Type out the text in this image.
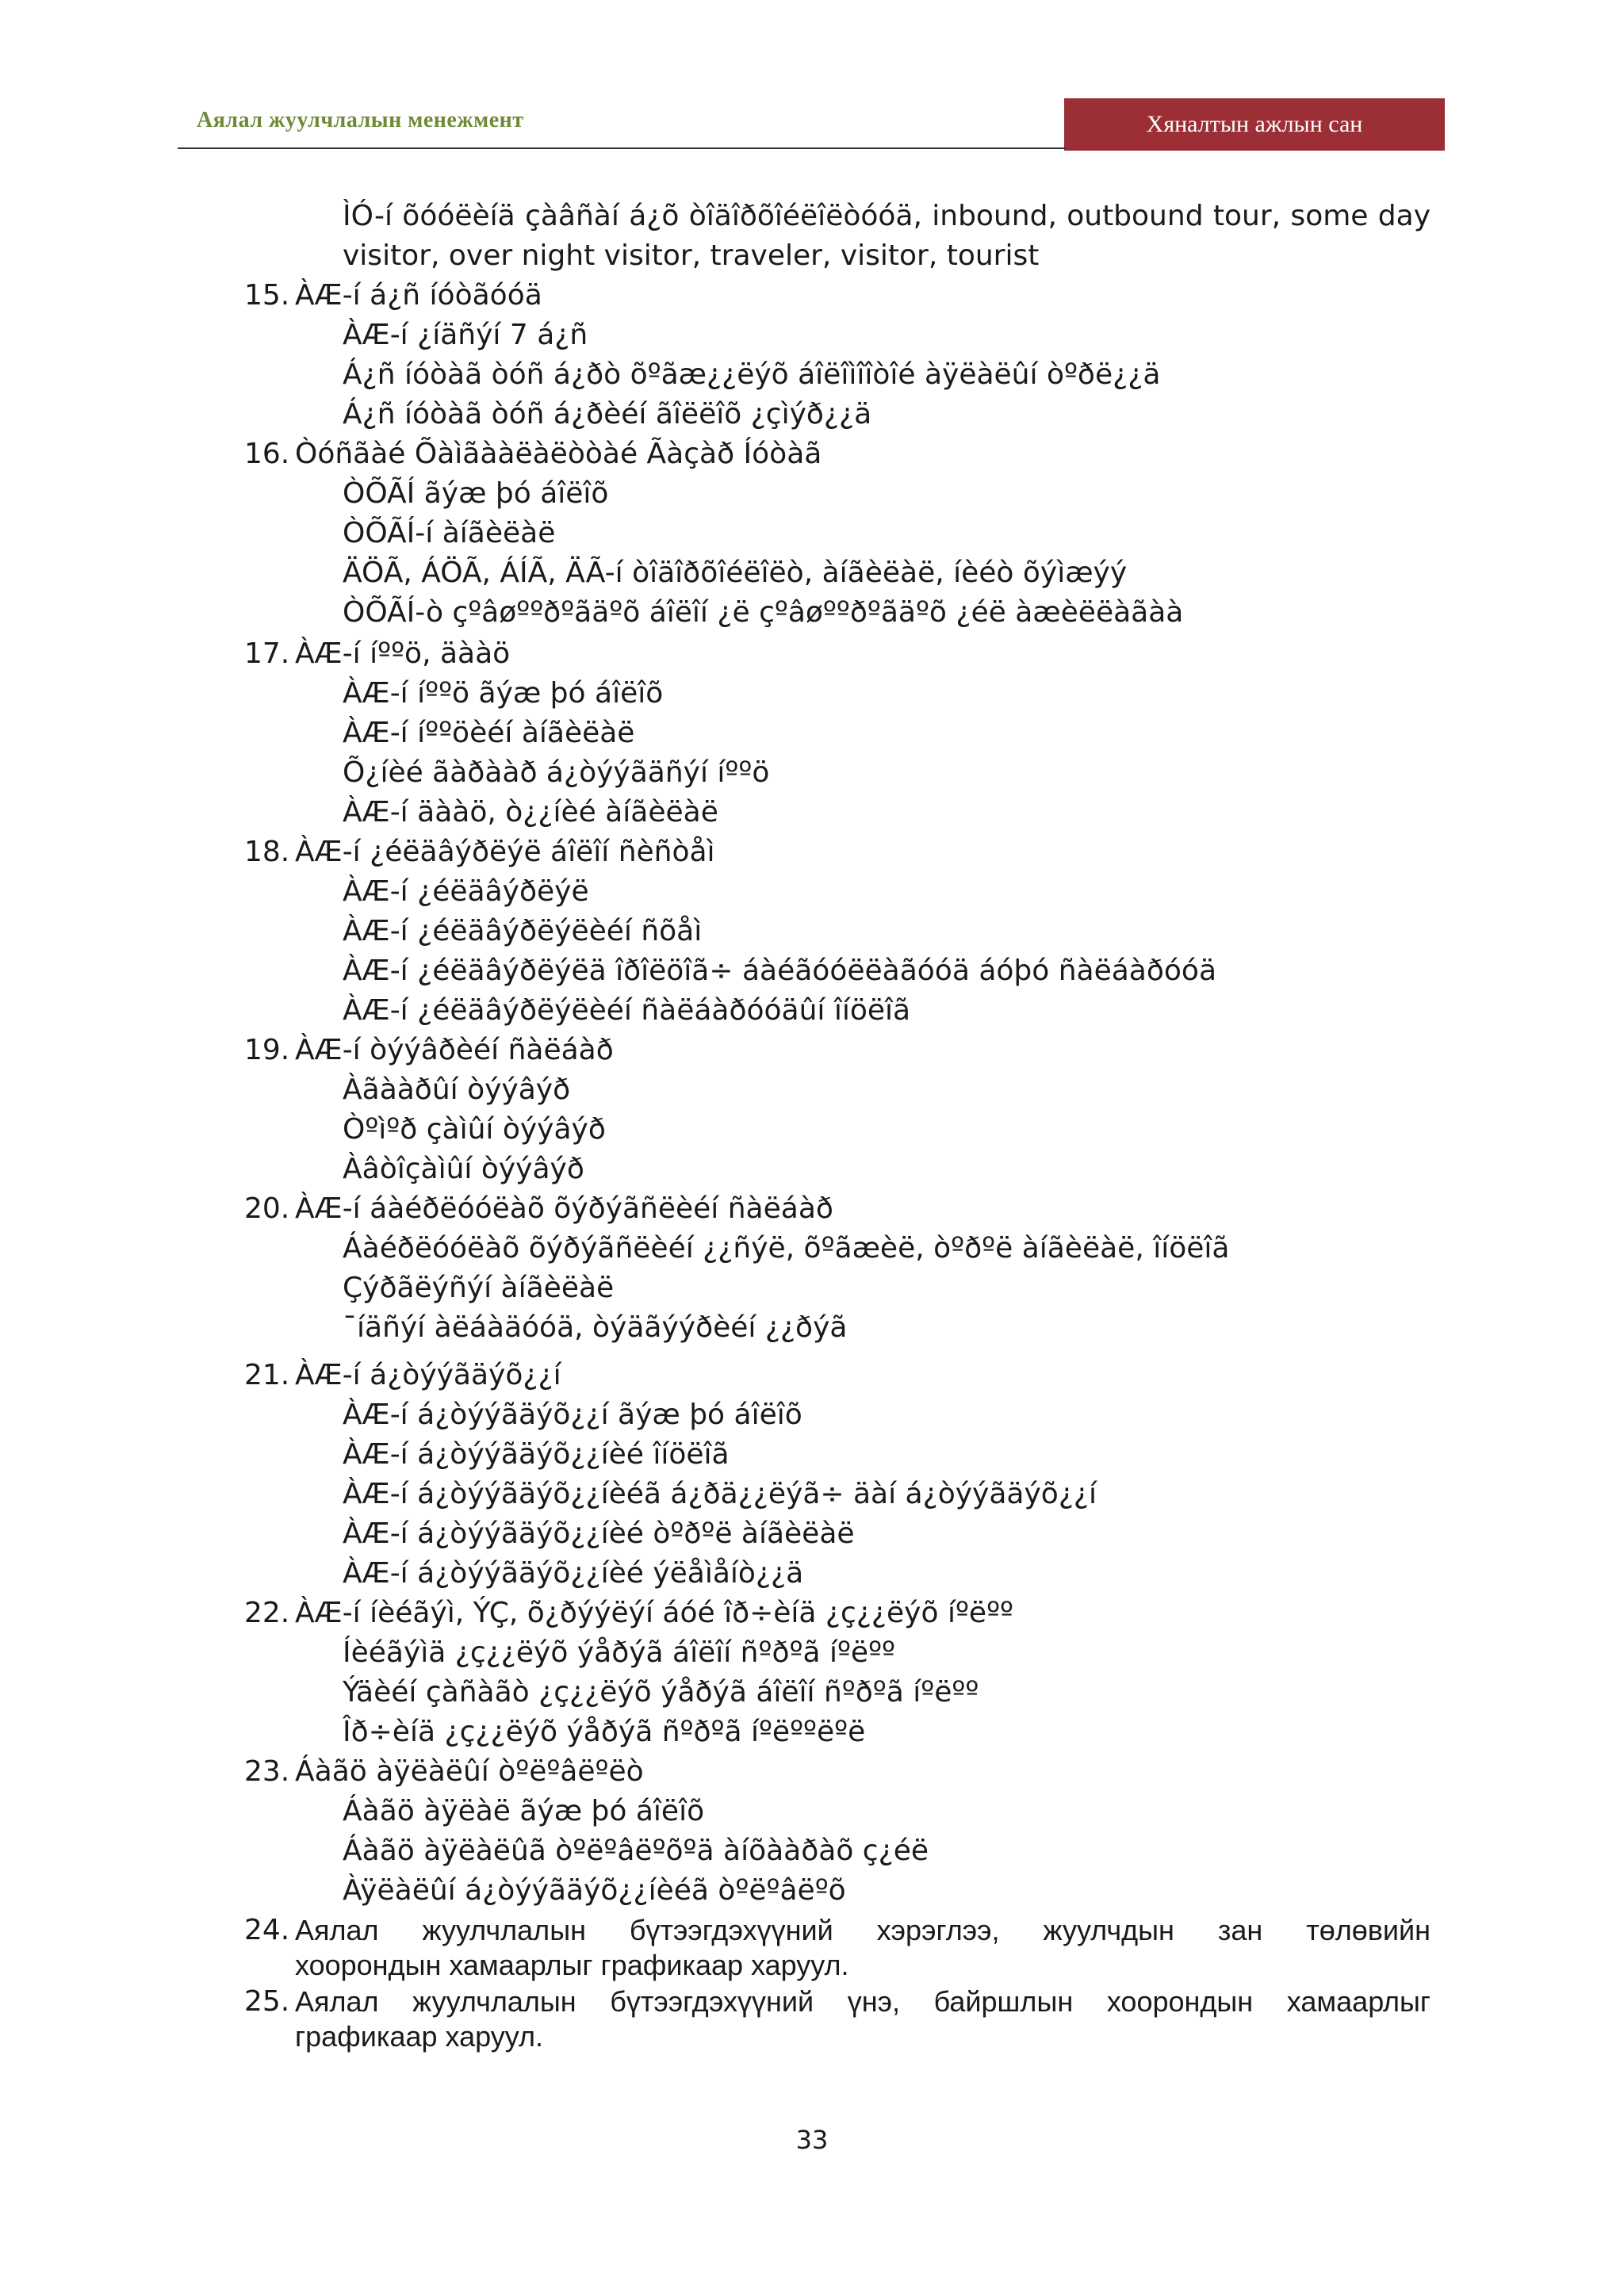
Аялал жуулчлалын менежмент	Хяналтын ажлын сан
ÌÓ-í õóóëèíä çàâñàí á¿õ òîäîðõîéëîëòóóä, inbound, outbound tour, some day
visitor, over night visitor, traveler, visitor, tourist
15. ÀÆ-í á¿ñ íóòãóóä
ÀÆ-í ¿íäñýí 7 á¿ñ
Á¿ñ íóòàã òóñ á¿ðò õºãæ¿¿ëýõ áîëîìîîòîé àÿëàëûí òºðë¿¿ä
Á¿ñ íóòàã òóñ á¿ðèéí ãîëëîõ ¿çìýð¿¿ä
16. Òóñãàé Õàìãààëàëòòàé Ãàçàð Íóòàã
ÒÕÃÍ ãýæ þó áîëîõ
ÒÕÃÍ-í àíãèëàë
ÄÖÃ, ÁÖÃ, ÁÍÃ, ÄÃ-í òîäîðõîéëîëò, àíãèëàë, íèéò õýìæýý
ÒÕÃÍ-ò çºâøººðºãäºõ áîëîí ¿ë çºâøººðºãäºõ ¿éë àæèëëàãàà
17. ÀÆ-í íººö, äààö
ÀÆ-í íººö ãýæ þó áîëîõ
ÀÆ-í íººöèéí àíãèëàë
Õ¿íèé ãàðààð á¿òýýãäñýí íººö
ÀÆ-í äààö, ò¿¿íèé àíãèëàë
18. ÀÆ-í ¿éëäâýðëýë áîëîí ñèñòåì
ÀÆ-í ¿éëäâýðëýë
ÀÆ-í ¿éëäâýðëýëèéí ñõåì
ÀÆ-í ¿éëäâýðëýëä îðîëöîã÷ áàéãóóëëàãóóä áóþó ñàëáàðóóä
ÀÆ-í ¿éëäâýðëýëèéí ñàëáàðóóäûí îíöëîã
19. ÀÆ-í òýýâðèéí ñàëáàð
Àãààðûí òýýâýð
Òºìºð çàìûí òýýâýð
Àâòîçàìûí òýýâýð
20. ÀÆ-í áàéðëóóëàõ õýðýãñëèéí ñàëáàð
Áàéðëóóëàõ õýðýãñëèéí ¿¿ñýë, õºãæèë, òºðºë àíãèëàë, îíöëîã
Çýðãëýñýí àíãèëàë
¯íäñýí àëáàäóóä, òýäãýýðèéí ¿¿ðýã
21. ÀÆ-í á¿òýýãäýõ¿¿í
ÀÆ-í á¿òýýãäýõ¿¿í ãýæ þó áîëîõ
ÀÆ-í á¿òýýãäýõ¿¿íèé îíöëîã
ÀÆ-í á¿òýýãäýõ¿¿íèéã á¿ðä¿¿ëýã÷ äàí á¿òýýãäýõ¿¿í
ÀÆ-í á¿òýýãäýõ¿¿íèé òºðºë àíãèëàë
ÀÆ-í á¿òýýãäýõ¿¿íèé ýëåìåíò¿¿ä
22. ÀÆ-í íèéãýì, ÝÇ, õ¿ðýýëýí áóé îð÷èíä ¿ç¿¿ëýõ íºëºº
Íèéãýìä ¿ç¿¿ëýõ ýåðýã áîëîí ñºðºã íºëºº
Ýäèéí çàñàãò ¿ç¿¿ëýõ ýåðýã áîëîí ñºðºã íºëºº
Îð÷èíä ¿ç¿¿ëýõ ýåðýã ñºðºã íºëººëºë
23. Áàãö àÿëàëûí òºëºâëºëò
Áàãö àÿëàë ãýæ þó áîëîõ
Áàãö àÿëàëûã òºëºâëºõºä àíõààðàõ ç¿éë
Àÿëàëûí á¿òýýãäýõ¿¿íèéã òºëºâëºõ
24. Аялал жуулчлалын бүтээгдэхүүний хэрэглээ, жуулчдын зан төлөвийн
хоорондын хамаарлыг графикаар харуул.
25. Аялал жуулчлалын бүтээгдэхүүний үнэ, байршлын хоорондын хамаарлыг
графикаар харуул.
33
